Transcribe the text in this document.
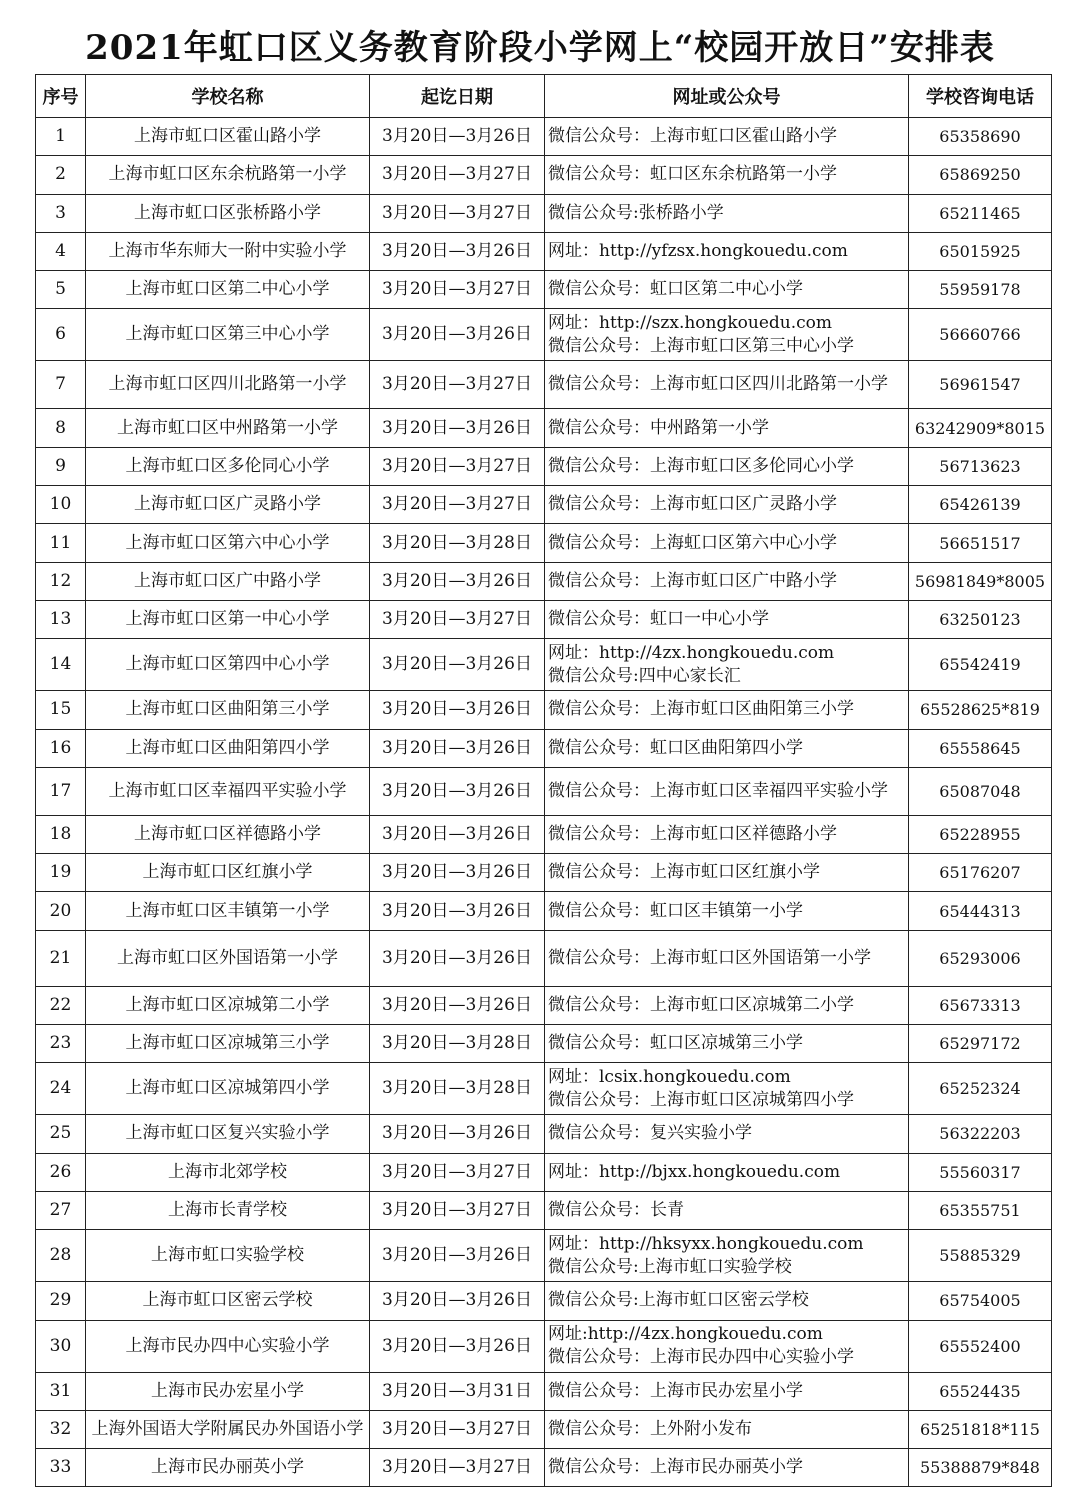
2021年虹口区义务教育阶段小学网上“校园开放日”安排表
序号	学校名称	起讫日期	网址或公众号	学校咨询电话
1	上海市虹口区霍山路小学	3月20日—3月26日	微信公众号：上海市虹口区霍山路小学	65358690
2	上海市虹口区东余杭路第一小学	3月20日—3月27日	微信公众号：虹口区东余杭路第一小学	65869250
3	上海市虹口区张桥路小学	3月20日—3月27日	微信公众号:张桥路小学	65211465
4	上海市华东师大一附中实验小学	3月20日—3月26日	网址：http://yfzsx.hongkouedu.com	65015925
5	上海市虹口区第二中心小学	3月20日—3月27日	微信公众号：虹口区第二中心小学	55959178
6	上海市虹口区第三中心小学	3月20日—3月26日	网址：http://szx.hongkouedu.com
微信公众号：上海市虹口区第三中心小学	56660766
7	上海市虹口区四川北路第一小学	3月20日—3月27日	微信公众号：上海市虹口区四川北路第一小学	56961547
8	上海市虹口区中州路第一小学	3月20日—3月26日	微信公众号：中州路第一小学	63242909*8015
9	上海市虹口区多伦同心小学	3月20日—3月27日	微信公众号：上海市虹口区多伦同心小学	56713623
10	上海市虹口区广灵路小学	3月20日—3月27日	微信公众号：上海市虹口区广灵路小学	65426139
11	上海市虹口区第六中心小学	3月20日—3月28日	微信公众号：上海虹口区第六中心小学	56651517
12	上海市虹口区广中路小学	3月20日—3月26日	微信公众号：上海市虹口区广中路小学	56981849*8005
13	上海市虹口区第一中心小学	3月20日—3月27日	微信公众号：虹口一中心小学	63250123
14	上海市虹口区第四中心小学	3月20日—3月26日	网址：http://4zx.hongkouedu.com
微信公众号:四中心家长汇	65542419
15	上海市虹口区曲阳第三小学	3月20日—3月26日	微信公众号：上海市虹口区曲阳第三小学	65528625*819
16	上海市虹口区曲阳第四小学	3月20日—3月26日	微信公众号：虹口区曲阳第四小学	65558645
17	上海市虹口区幸福四平实验小学	3月20日—3月26日	微信公众号：上海市虹口区幸福四平实验小学	65087048
18	上海市虹口区祥德路小学	3月20日—3月26日	微信公众号：上海市虹口区祥德路小学	65228955
19	上海市虹口区红旗小学	3月20日—3月26日	微信公众号：上海市虹口区红旗小学	65176207
20	上海市虹口区丰镇第一小学	3月20日—3月26日	微信公众号：虹口区丰镇第一小学	65444313
21	上海市虹口区外国语第一小学	3月20日—3月26日	微信公众号：上海市虹口区外国语第一小学	65293006
22	上海市虹口区凉城第二小学	3月20日—3月26日	微信公众号：上海市虹口区凉城第二小学	65673313
23	上海市虹口区凉城第三小学	3月20日—3月28日	微信公众号：虹口区凉城第三小学	65297172
24	上海市虹口区凉城第四小学	3月20日—3月28日	网址：lcsix.hongkouedu.com
微信公众号：上海市虹口区凉城第四小学	65252324
25	上海市虹口区复兴实验小学	3月20日—3月26日	微信公众号：复兴实验小学	56322203
26	上海市北郊学校	3月20日—3月27日	网址：http://bjxx.hongkouedu.com	55560317
27	上海市长青学校	3月20日—3月27日	微信公众号：长青	65355751
28	上海市虹口实验学校	3月20日—3月26日	网址：http://hksyxx.hongkouedu.com
微信公众号:上海市虹口实验学校	55885329
29	上海市虹口区密云学校	3月20日—3月26日	微信公众号:上海市虹口区密云学校	65754005
30	上海市民办四中心实验小学	3月20日—3月26日	网址:http://4zx.hongkouedu.com
微信公众号：上海市民办四中心实验小学	65552400
31	上海市民办宏星小学	3月20日—3月31日	微信公众号：上海市民办宏星小学	65524435
32	上海外国语大学附属民办外国语小学	3月20日—3月27日	微信公众号：上外附小发布	65251818*115
33	上海市民办丽英小学	3月20日—3月27日	微信公众号：上海市民办丽英小学	55388879*848
